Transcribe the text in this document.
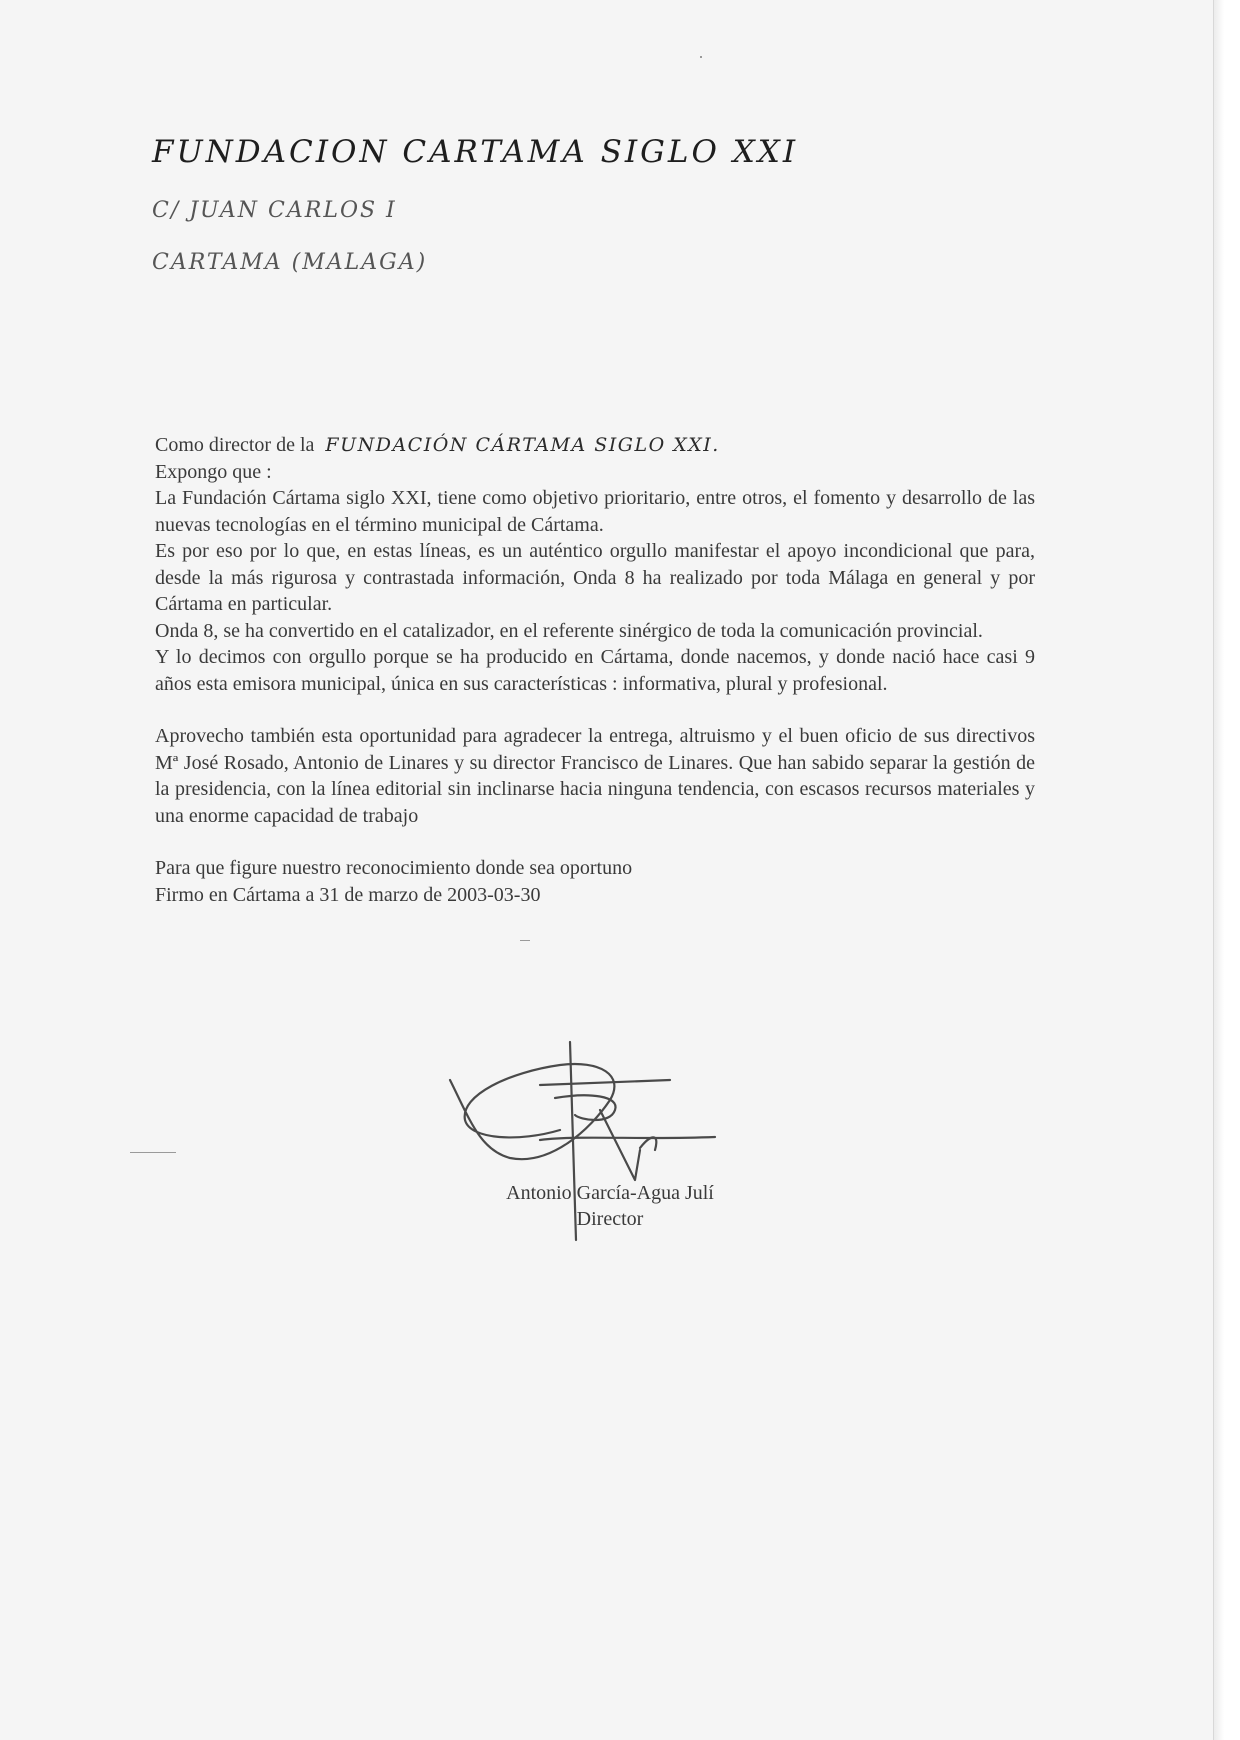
FUNDACION CARTAMA SIGLO XXI
C/ JUAN CARLOS I
CARTAMA (MALAGA)
Como director de la FUNDACIÓN CÁRTAMA SIGLO XXI.

Expongo que :

La Fundación Cártama siglo XXI, tiene como objetivo prioritario, entre otros, el fomento y desarrollo de las nuevas tecnologías en el término municipal de Cártama.

Es por eso por lo que, en estas líneas, es un auténtico orgullo manifestar el apoyo incondicional que para, desde la más rigurosa y contrastada información, Onda 8 ha realizado por toda Málaga en general y por Cártama en particular.

Onda 8, se ha convertido en el catalizador, en el referente sinérgico de toda la comunicación provincial.

Y lo decimos con orgullo porque se ha producido en Cártama, donde nacemos, y donde nació hace casi 9 años esta emisora municipal, única en sus características : informativa, plural y profesional.

Aprovecho también esta oportunidad para agradecer la entrega, altruismo y el buen oficio de sus directivos Mª José Rosado, Antonio de Linares y su director Francisco de Linares. Que han sabido separar la gestión de la presidencia, con la línea editorial sin inclinarse hacia ninguna tendencia, con escasos recursos materiales y una enorme capacidad de trabajo

Para que figure nuestro reconocimiento donde sea oportuno

Firmo en Cártama a 31 de marzo de 2003-03-30

Antonio García-Agua Julí
Director
